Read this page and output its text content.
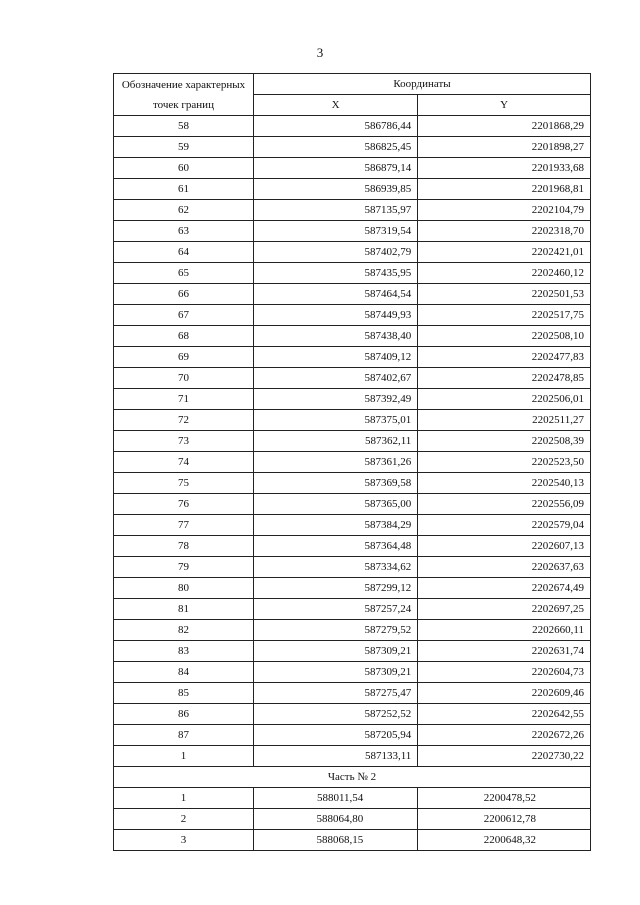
3
Обозначение характерных точек границ	Координаты	
	X	Y
58	586786,44	2201868,29
59	586825,45	2201898,27
60	586879,14	2201933,68
61	586939,85	2201968,81
62	587135,97	2202104,79
63	587319,54	2202318,70
64	587402,79	2202421,01
65	587435,95	2202460,12
66	587464,54	2202501,53
67	587449,93	2202517,75
68	587438,40	2202508,10
69	587409,12	2202477,83
70	587402,67	2202478,85
71	587392,49	2202506,01
72	587375,01	2202511,27
73	587362,11	2202508,39
74	587361,26	2202523,50
75	587369,58	2202540,13
76	587365,00	2202556,09
77	587384,29	2202579,04
78	587364,48	2202607,13
79	587334,62	2202637,63
80	587299,12	2202674,49
81	587257,24	2202697,25
82	587279,52	2202660,11
83	587309,21	2202631,74
84	587309,21	2202604,73
85	587275,47	2202609,46
86	587252,52	2202642,55
87	587205,94	2202672,26
1	587133,11	2202730,22
Часть № 2		
1	588011,54	2200478,52
2	588064,80	2200612,78
3	588068,15	2200648,32
